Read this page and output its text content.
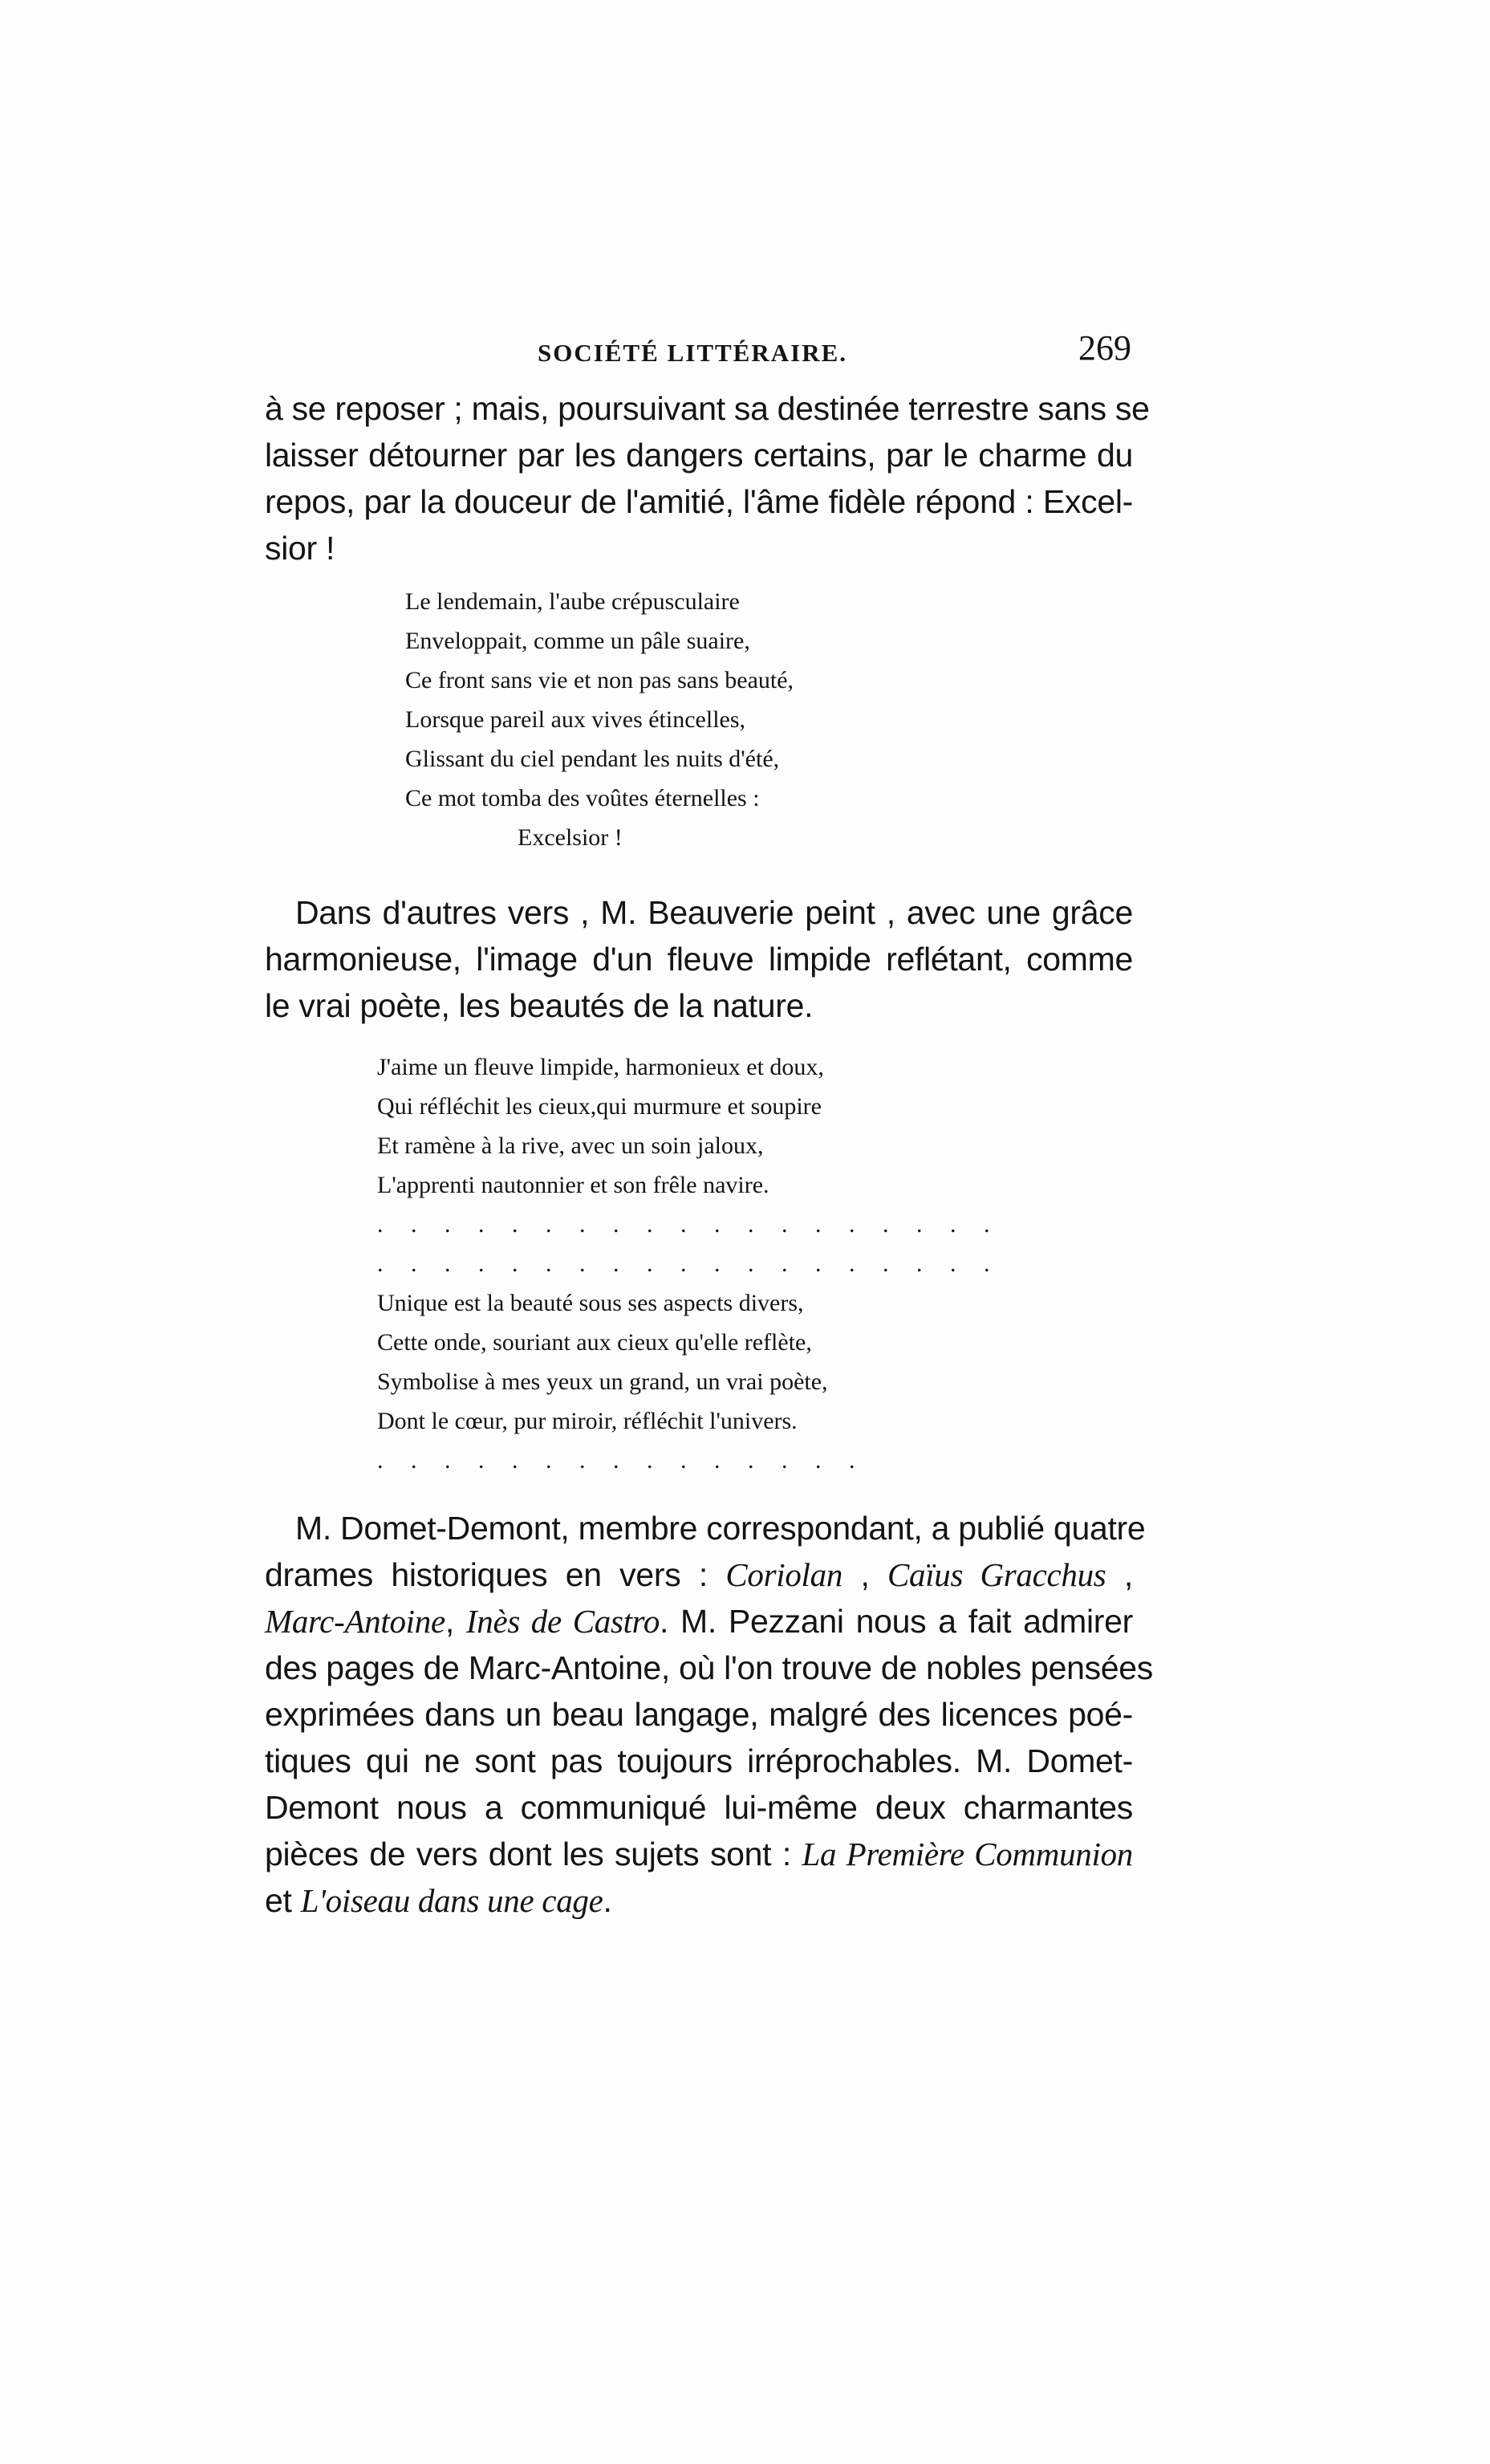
SOCIÉTÉ LITTÉRAIRE.	269
à se reposer ; mais, poursuivant sa destinée terrestre sans se
laisser détourner par les dangers certains, par le charme du
repos, par la douceur de l'amitié, l'âme fidèle répond : Excel-
sior !
Le lendemain, l'aube crépusculaire
Enveloppait, comme un pâle suaire,
Ce front sans vie et non pas sans beauté,
Lorsque pareil aux vives étincelles,
Glissant du ciel pendant les nuits d'été,
Ce mot tomba des voûtes éternelles :
Excelsior !
Dans d'autres vers , M. Beauverie peint , avec une grâce
harmonieuse, l'image d'un fleuve limpide reflétant, comme
le vrai poète, les beautés de la nature.
J'aime un fleuve limpide, harmonieux et doux,
Qui réfléchit les cieux,qui murmure et soupire
Et ramène à la rive, avec un soin jaloux,
L'apprenti nautonnier et son frêle navire.
. . . . . . . . . . . . . . . . . . .
. . . . . . . . . . . . . . . . . . .
Unique est la beauté sous ses aspects divers,
Cette onde, souriant aux cieux qu'elle reflète,
Symbolise à mes yeux un grand, un vrai poète,
Dont le cœur, pur miroir, réfléchit l'univers.
. . . . . . . . . . . . . . .
M. Domet-Demont, membre correspondant, a publié quatre
drames historiques en vers : Coriolan , Caïus Gracchus ,
Marc-Antoine, Inès de Castro. M. Pezzani nous a fait admirer
des pages de Marc-Antoine, où l'on trouve de nobles pensées
exprimées dans un beau langage, malgré des licences poé-
tiques qui ne sont pas toujours irréprochables. M. Domet-
Demont nous a communiqué lui-même deux charmantes
pièces de vers dont les sujets sont : La Première Communion
et L'oiseau dans une cage.
